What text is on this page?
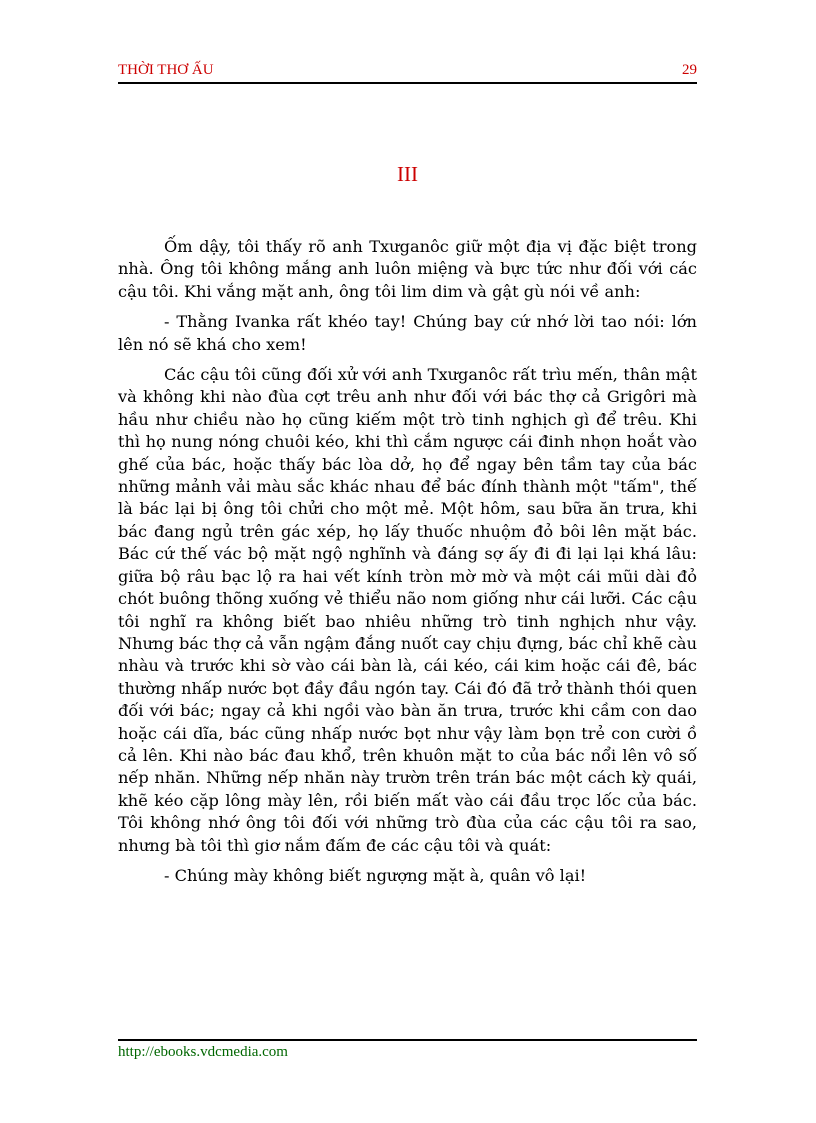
THỜI THƠ ẤU	29
III

Ốm dậy, tôi thấy rõ anh Txưganôc giữ một địa vị đặc biệt trong nhà. Ông tôi không mắng anh luôn miệng và bực tức như đối với các cậu tôi. Khi vắng mặt anh, ông tôi lim dim và gật gù nói về anh:

- Thằng Ivanka rất khéo tay! Chúng bay cứ nhớ lời tao nói: lớn lên nó sẽ khá cho xem!

Các cậu tôi cũng đối xử với anh Txưganôc rất trìu mến, thân mật và không khi nào đùa cợt trêu anh như đối với bác thợ cả Grigôri mà hầu như chiều nào họ cũng kiếm một trò tinh nghịch gì để trêu. Khi thì họ nung nóng chuôi kéo, khi thì cắm ngược cái đinh nhọn hoắt vào ghế của bác, hoặc thấy bác lòa dở, họ để ngay bên tầm tay của bác những mảnh vải màu sắc khác nhau để bác đính thành một "tấm", thế là bác lại bị ông tôi chửi cho một mẻ. Một hôm, sau bữa ăn trưa, khi bác đang ngủ trên gác xép, họ lấy thuốc nhuộm đỏ bôi lên mặt bác. Bác cứ thế vác bộ mặt ngộ nghĩnh và đáng sợ ấy đi đi lại lại khá lâu: giữa bộ râu bạc lộ ra hai vết kính tròn mờ mờ và một cái mũi dài đỏ chót buông thõng xuống vẻ thiểu não nom giống như cái lưỡi. Các cậu tôi nghĩ ra không biết bao nhiêu những trò tinh nghịch như vậy. Nhưng bác thợ cả vẫn ngậm đắng nuốt cay chịu đựng, bác chỉ khẽ càu nhàu và trước khi sờ vào cái bàn là, cái kéo, cái kim hoặc cái đê, bác thường nhấp nước bọt đầy đầu ngón tay. Cái đó đã trở thành thói quen đối với bác; ngay cả khi ngồi vào bàn ăn trưa, trước khi cầm con dao hoặc cái dĩa, bác cũng nhấp nước bọt như vậy làm bọn trẻ con cười ồ cả lên. Khi nào bác đau khổ, trên khuôn mặt to của bác nổi lên vô số nếp nhăn. Những nếp nhăn này trườn trên trán bác một cách kỳ quái, khẽ kéo cặp lông mày lên, rồi biến mất vào cái đầu trọc lốc của bác. Tôi không nhớ ông tôi đối với những trò đùa của các cậu tôi ra sao, nhưng bà tôi thì giơ nắm đấm đe các cậu tôi và quát:

- Chúng mày không biết ngượng mặt à, quân vô lại!

http://ebooks.vdcmedia.com
